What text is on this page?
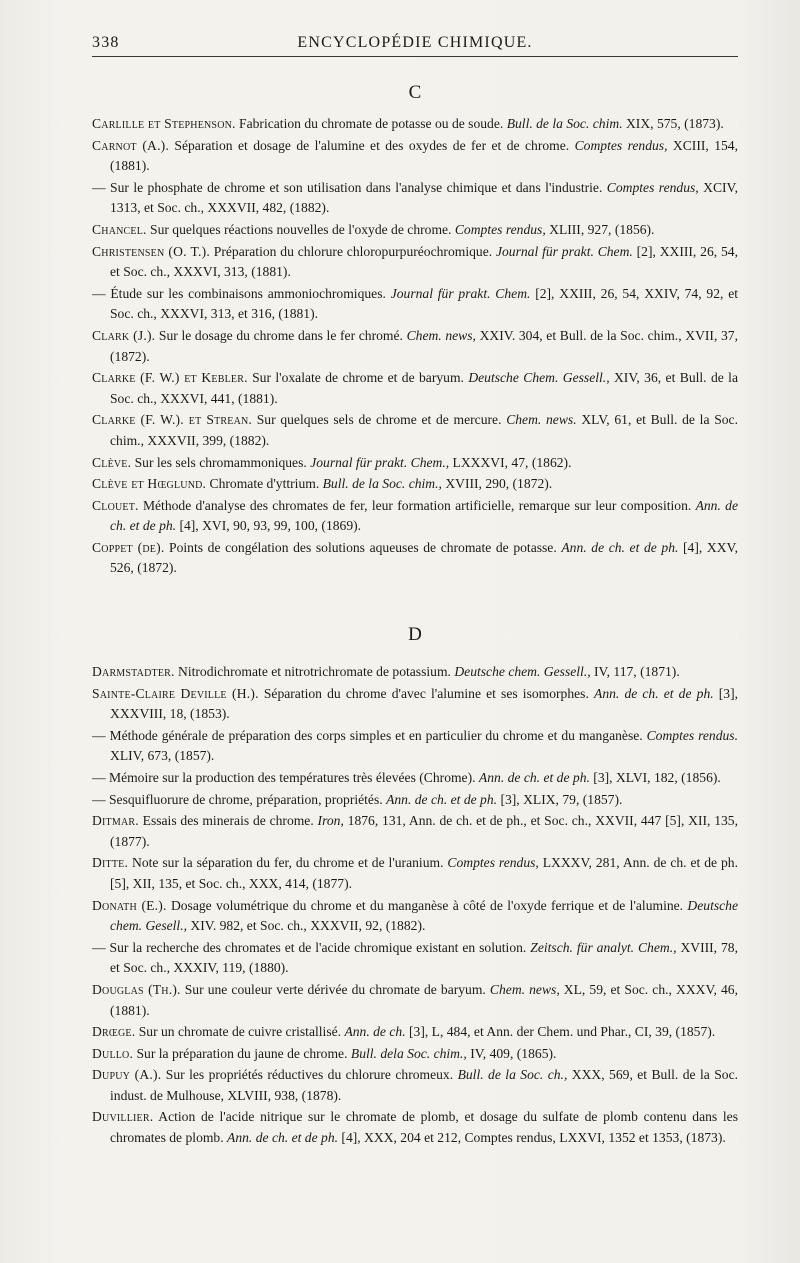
338	ENCYCLOPÉDIE CHIMIQUE.

C

Carlille et Stephenson. Fabrication du chromate de potasse ou de soude. Bull. de la Soc. chim. XIX, 575, (1873).

Carnot (A.). Séparation et dosage de l'alumine et des oxydes de fer et de chrome. Comptes rendus, XCIII, 154, (1881).

— Sur le phosphate de chrome et son utilisation dans l'analyse chimique et dans l'industrie. Comptes rendus, XCIV, 1313, et Soc. ch., XXXVII, 482, (1882).

Chancel. Sur quelques réactions nouvelles de l'oxyde de chrome. Comptes rendus, XLIII, 927, (1856).

Christensen (O. T.). Préparation du chlorure chloropurpuréochromique. Journal für prakt. Chem. [2], XXIII, 26, 54, et Soc. ch., XXXVI, 313, (1881).

— Étude sur les combinaisons ammoniochromiques. Journal für prakt. Chem. [2], XXIII, 26, 54, XXIV, 74, 92, et Soc. ch., XXXVI, 313, et 316, (1881).

Clark (J.). Sur le dosage du chrome dans le fer chromé. Chem. news, XXIV. 304, et Bull. de la Soc. chim., XVII, 37, (1872).

Clarke (F. W.) et Kebler. Sur l'oxalate de chrome et de baryum. Deutsche Chem. Gessell., XIV, 36, et Bull. de la Soc. ch., XXXVI, 441, (1881).

Clarke (F. W.). et Strean. Sur quelques sels de chrome et de mercure. Chem. news. XLV, 61, et Bull. de la Soc. chim., XXXVII, 399, (1882).

Clève. Sur les sels chromammoniques. Journal für prakt. Chem., LXXXVI, 47, (1862).

Clève et Hœglund. Chromate d'yttrium. Bull. de la Soc. chim., XVIII, 290, (1872).

Clouet. Méthode d'analyse des chromates de fer, leur formation artificielle, remarque sur leur composition. Ann. de ch. et de ph. [4], XVI, 90, 93, 99, 100, (1869).

Coppet (de). Points de congélation des solutions aqueuses de chromate de potasse. Ann. de ch. et de ph. [4], XXV, 526, (1872).

D

Darmstadter. Nitrodichromate et nitrotrichromate de potassium. Deutsche chem. Gessell., IV, 117, (1871).

Sainte-Claire Deville (H.). Séparation du chrome d'avec l'alumine et ses isomorphes. Ann. de ch. et de ph. [3], XXXVIII, 18, (1853).

— Méthode générale de préparation des corps simples et en particulier du chrome et du manganèse. Comptes rendus. XLIV, 673, (1857).

— Mémoire sur la production des températures très élevées (Chrome). Ann. de ch. et de ph. [3], XLVI, 182, (1856).

— Sesquifluorure de chrome, préparation, propriétés. Ann. de ch. et de ph. [3], XLIX, 79, (1857).

Ditmar. Essais des minerais de chrome. Iron, 1876, 131, Ann. de ch. et de ph., et Soc. ch., XXVII, 447 [5], XII, 135, (1877).

Ditte. Note sur la séparation du fer, du chrome et de l'uranium. Comptes rendus, LXXXV, 281, Ann. de ch. et de ph. [5], XII, 135, et Soc. ch., XXX, 414, (1877).

Donath (E.). Dosage volumétrique du chrome et du manganèse à côté de l'oxyde ferrique et de l'alumine. Deutsche chem. Gesell., XIV. 982, et Soc. ch., XXXVII, 92, (1882).

— Sur la recherche des chromates et de l'acide chromique existant en solution. Zeitsch. für analyt. Chem., XVIII, 78, et Soc. ch., XXXIV, 119, (1880).

Douglas (Th.). Sur une couleur verte dérivée du chromate de baryum. Chem. news, XL, 59, et Soc. ch., XXXV, 46, (1881).

Drœge. Sur un chromate de cuivre cristallisé. Ann. de ch. [3], L, 484, et Ann. der Chem. und Phar., CI, 39, (1857).

Dullo. Sur la préparation du jaune de chrome. Bull. dela Soc. chim., IV, 409, (1865).

Dupuy (A.). Sur les propriétés réductives du chlorure chromeux. Bull. de la Soc. ch., XXX, 569, et Bull. de la Soc. indust. de Mulhouse, XLVIII, 938, (1878).

Duvillier. Action de l'acide nitrique sur le chromate de plomb, et dosage du sulfate de plomb contenu dans les chromates de plomb. Ann. de ch. et de ph. [4], XXX, 204 et 212, Comptes rendus, LXXVI, 1352 et 1353, (1873).
